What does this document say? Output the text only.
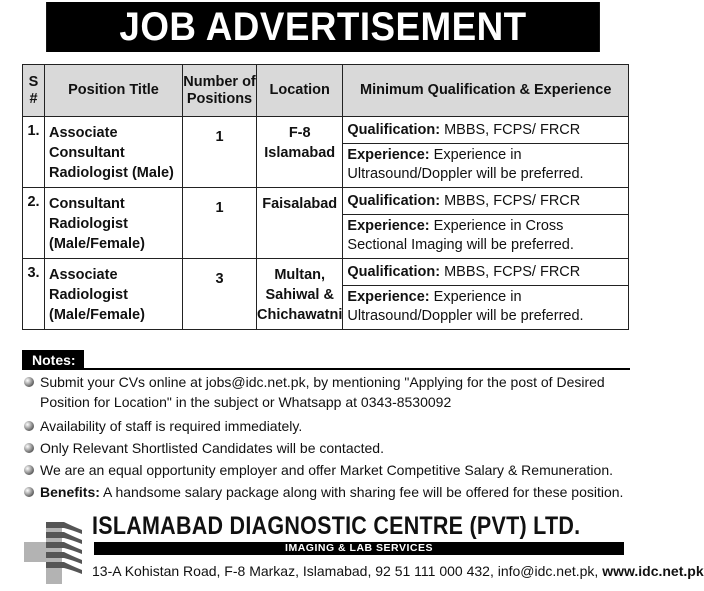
JOB ADVERTISEMENT
S #	Position Title	Number of Positions	Location	Minimum Qualification & Experience
1.	Associate Consultant Radiologist (Male)	1	F-8 Islamabad	Qualification: MBBS, FCPS/ FRCR
				Experience: Experience in Ultrasound/Doppler will be preferred.
2.	Consultant Radiologist (Male/Female)	1	Faisalabad	Qualification: MBBS, FCPS/ FRCR
				Experience: Experience in Cross Sectional Imaging will be preferred.
3.	Associate Radiologist (Male/Female)	3	Multan, Sahiwal & Chichawatni	Qualification: MBBS, FCPS/ FRCR
				Experience: Experience in Ultrasound/Doppler will be preferred.
Notes:
Submit your CVs online at jobs@idc.net.pk, by mentioning "Applying for the post of Desired Position for Location" in the subject or Whatsapp at 0343-8530092
Availability of staff is required immediately.
Only Relevant Shortlisted Candidates will be contacted.
We are an equal opportunity employer and offer Market Competitive Salary & Remuneration.
Benefits: A handsome salary package along with sharing fee will be offered for these position.
ISLAMABAD DIAGNOSTIC CENTRE (PVT) LTD.
IMAGING & LAB SERVICES
13-A Kohistan Road, F-8 Markaz, Islamabad, 92 51 111 000 432, info@idc.net.pk, www.idc.net.pk
